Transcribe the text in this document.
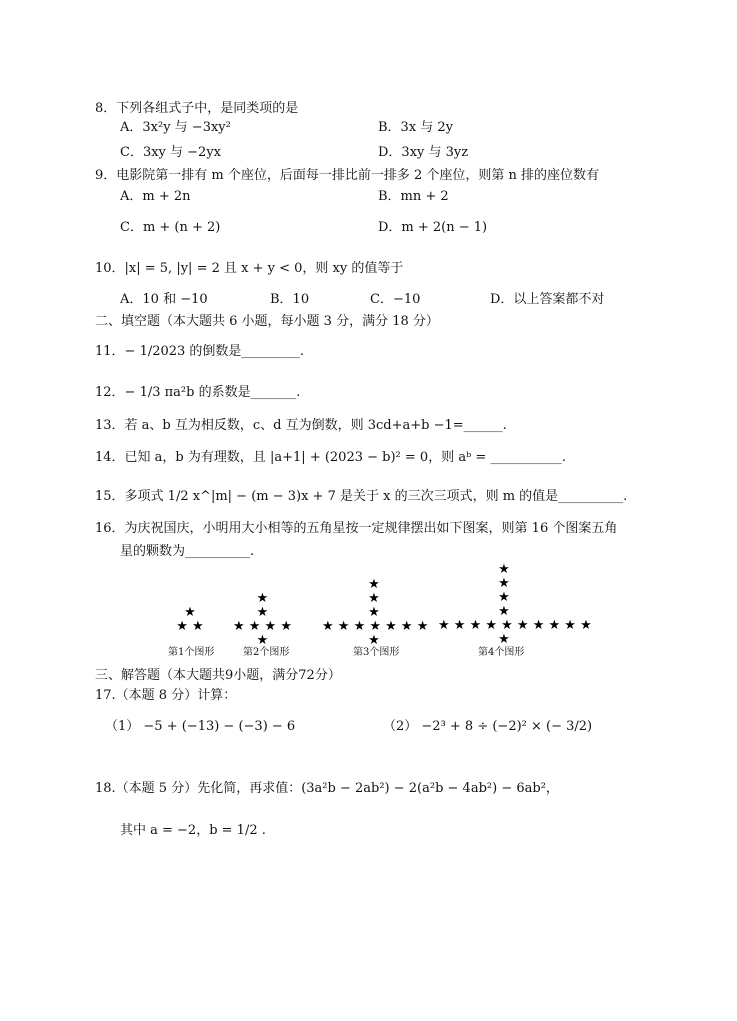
8．下列各组式子中，是同类项的是
A．3x²y 与 −3xy²	B．3x 与 2y
C．3xy 与 −2yx	D．3xy 与 3yz
9．电影院第一排有 m 个座位，后面每一排比前一排多 2 个座位，则第 n 排的座位数有
A．m + 2n	B．mn + 2
C．m + (n + 2)	D．m + 2(n − 1)
10．|x| = 5, |y| = 2 且 x + y < 0，则 xy 的值等于
A．10 和 −10	B．10	C．−10	D．以上答案都不对
二、填空题（本大题共 6 小题，每小题 3 分，满分 18 分）
11．− 1/2023 的倒数是_________.
12．− 1/3 πa²b 的系数是_______.
13．若 a、b 互为相反数，c、d 互为倒数，则 3cd+a+b −1=______.
14．已知 a，b 为有理数，且 |a+1| + (2023 − b)² = 0，则 aᵇ = ___________.
15．多项式 1/2 x^|m| − (m − 3)x + 7 是关于 x 的三次三项式，则 m 的值是__________.
16．为庆祝国庆，小明用大小相等的五角星按一定规律摆出如下图案，则第 16 个图案五角
星的颗数为__________.
★
★ ★

★
★
★ ★ ★ ★
★
★
★
★
★ ★ ★ ★ ★ ★ ★
★
★
★
★
★
★ ★ ★ ★ ★ ★ ★ ★ ★ ★
★
第1个图形	第2个图形	第3个图形	第4个图形
三、解答题（本大题共9小题，满分72分）
17.（本题 8 分）计算：
（1） −5 + (−13) − (−3) − 6	（2） −2³ + 8 ÷ (−2)² × (− 3/2)
18.（本题 5 分）先化简，再求值：(3a²b − 2ab²) − 2(a²b − 4ab²) − 6ab²，
其中 a = −2，b = 1/2 .
